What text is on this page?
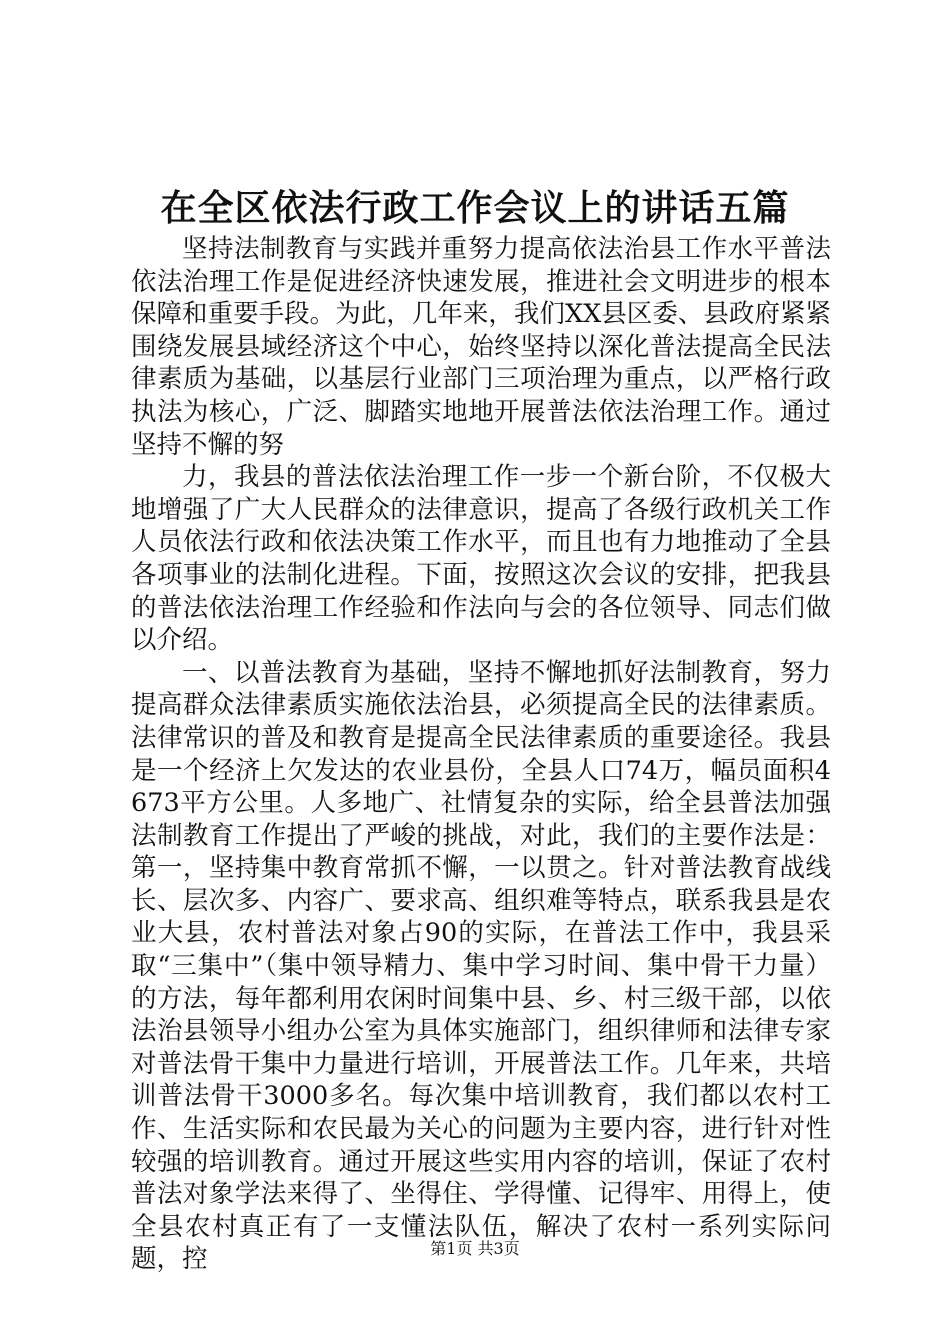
在全区依法行政工作会议上的讲话五篇

坚持法制教育与实践并重努力提高依法治县工作水平普法依法治理工作是促进经济快速发展，推进社会文明进步的根本保障和重要手段。为此，几年来，我们XX县区委、县政府紧紧围绕发展县域经济这个中心，始终坚持以深化普法提高全民法律素质为基础，以基层行业部门三项治理为重点，以严格行政执法为核心，广泛、脚踏实地地开展普法依法治理工作。通过坚持不懈的努

力，我县的普法依法治理工作一步一个新台阶，不仅极大地增强了广大人民群众的法律意识，提高了各级行政机关工作人员依法行政和依法决策工作水平，而且也有力地推动了全县各项事业的法制化进程。下面，按照这次会议的安排，把我县的普法依法治理工作经验和作法向与会的各位领导、同志们做以介绍。

一、以普法教育为基础，坚持不懈地抓好法制教育，努力提高群众法律素质实施依法治县，必须提高全民的法律素质。法律常识的普及和教育是提高全民法律素质的重要途径。我县是一个经济上欠发达的农业县份，全县人口74万，幅员面积4673平方公里。人多地广、社情复杂的实际，给全县普法加强法制教育工作提出了严峻的挑战，对此，我们的主要作法是：第一，坚持集中教育常抓不懈，一以贯之。针对普法教育战线长、层次多、内容广、要求高、组织难等特点，联系我县是农业大县，农村普法对象占90的实际，在普法工作中，我县采取“三集中”（集中领导精力、集中学习时间、集中骨干力量）的方法，每年都利用农闲时间集中县、乡、村三级干部，以依法治县领导小组办公室为具体实施部门，组织律师和法律专家对普法骨干集中力量进行培训，开展普法工作。几年来，共培训普法骨干3000多名。每次集中培训教育，我们都以农村工作、生活实际和农民最为关心的问题为主要内容，进行针对性较强的培训教育。通过开展这些实用内容的培训，保证了农村普法对象学法来得了、坐得住、学得懂、记得牢、用得上，使全县农村真正有了一支懂法队伍，解决了农村一系列实际问题，控	第1页 共3页
